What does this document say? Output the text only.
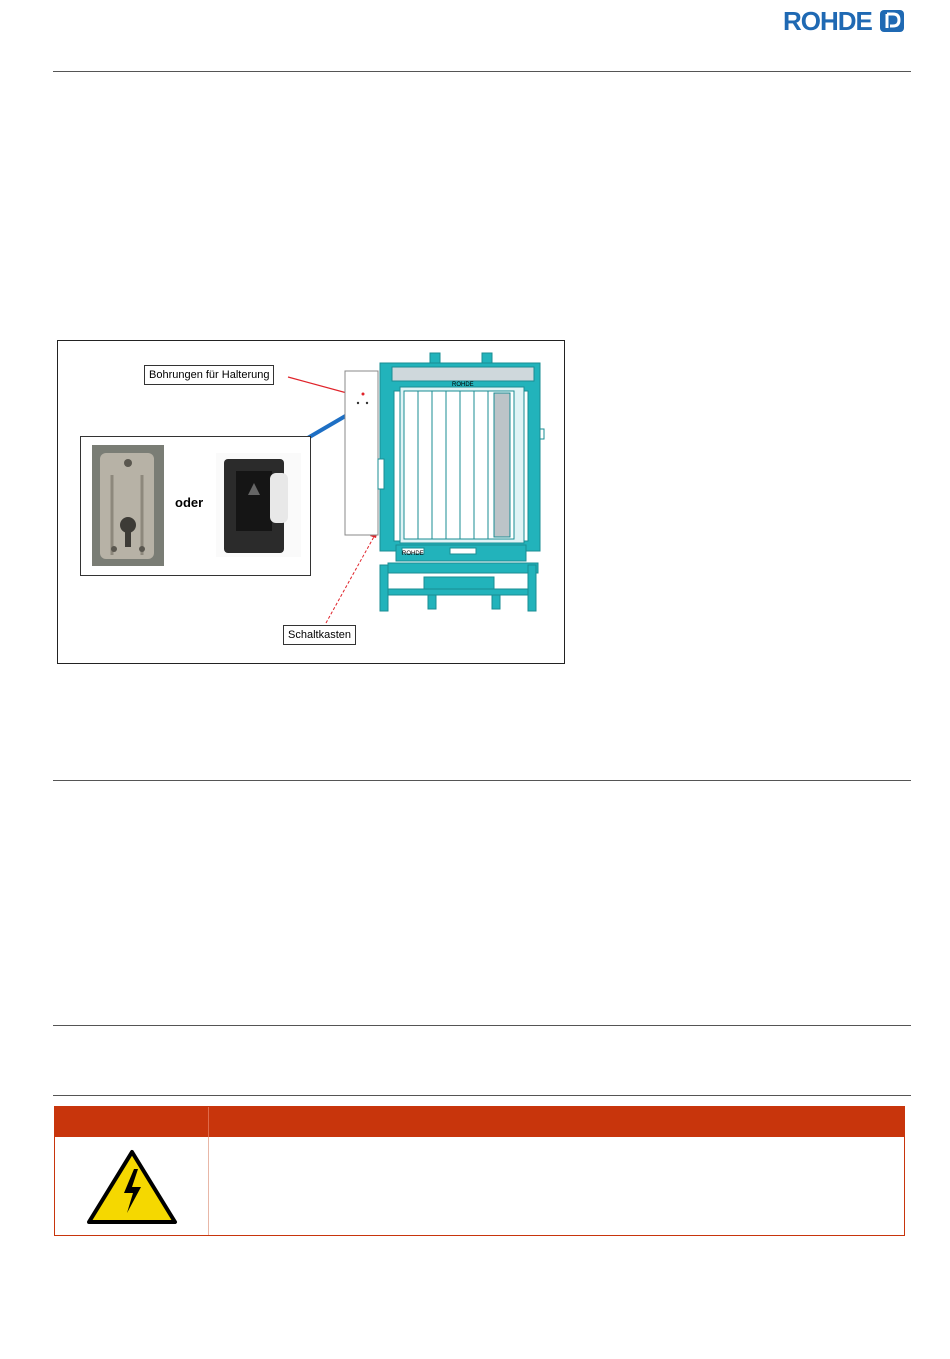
ROHDE
Bohrungen für Halterung
Schaltkasten
ROHDE
ROHDE
oder
